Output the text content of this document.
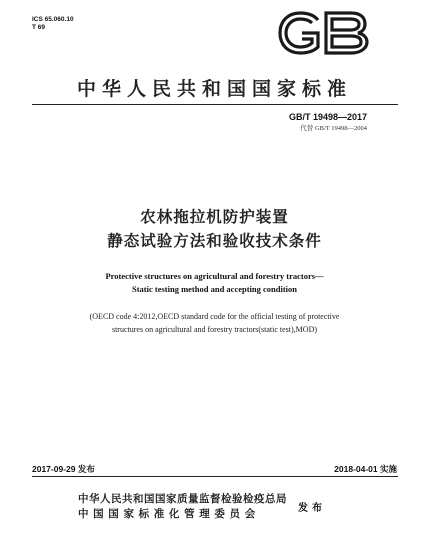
ICS 65.060.10
T 69
GB
中华人民共和国国家标准
GB/T 19498—2017
代替 GB/T 19498—2004
农林拖拉机防护装置
静态试验方法和验收技术条件
Protective structures on agricultural and forestry tractors—
Static testing method and accepting condition
(OECD code 4:2012,OECD standard code for the official testing of protective
structures on agricultural and forestry tractors(static test),MOD)
2017-09-29 发布	2018-04-01 实施
中华人民共和国国家质量监督检验检疫总局
中 国 国 家 标 准 化 管 理 委 员 会	发布
